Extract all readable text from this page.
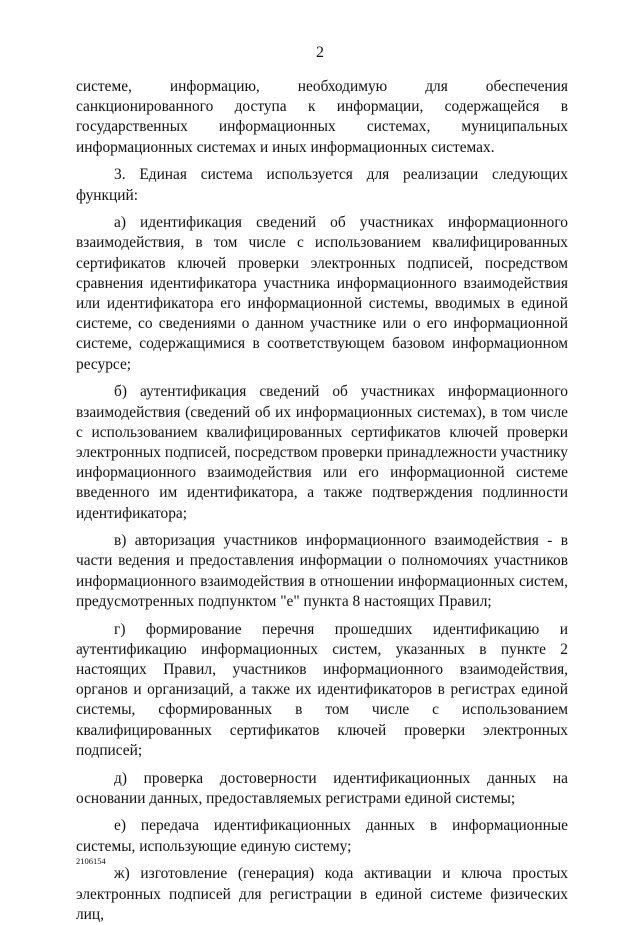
2

системе, информацию, необходимую для обеспечения санкционированного доступа к информации, содержащейся в государственных информационных системах, муниципальных информационных системах и иных информационных системах.

3. Единая система используется для реализации следующих функций:

а) идентификация сведений об участниках информационного взаимодействия, в том числе с использованием квалифицированных сертификатов ключей проверки электронных подписей, посредством сравнения идентификатора участника информационного взаимодействия или идентификатора его информационной системы, вводимых в единой системе, со сведениями о данном участнике или о его информационной системе, содержащимися в соответствующем базовом информационном ресурсе;

б) аутентификация сведений об участниках информационного взаимодействия (сведений об их информационных системах), в том числе с использованием квалифицированных сертификатов ключей проверки электронных подписей, посредством проверки принадлежности участнику информационного взаимодействия или его информационной системе введенного им идентификатора, а также подтверждения подлинности идентификатора;

в) авторизация участников информационного взаимодействия - в части ведения и предоставления информации о полномочиях участников информационного взаимодействия в отношении информационных систем, предусмотренных подпунктом "е" пункта 8 настоящих Правил;

г) формирование перечня прошедших идентификацию и аутентификацию информационных систем, указанных в пункте 2 настоящих Правил, участников информационного взаимодействия, органов и организаций, а также их идентификаторов в регистрах единой системы, сформированных в том числе с использованием квалифицированных сертификатов ключей проверки электронных подписей;

д) проверка достоверности идентификационных данных на основании данных, предоставляемых регистрами единой системы;

е) передача идентификационных данных в информационные системы, использующие единую систему;

ж) изготовление (генерация) кода активации и ключа простых электронных подписей для регистрации в единой системе физических лиц,

2106154
